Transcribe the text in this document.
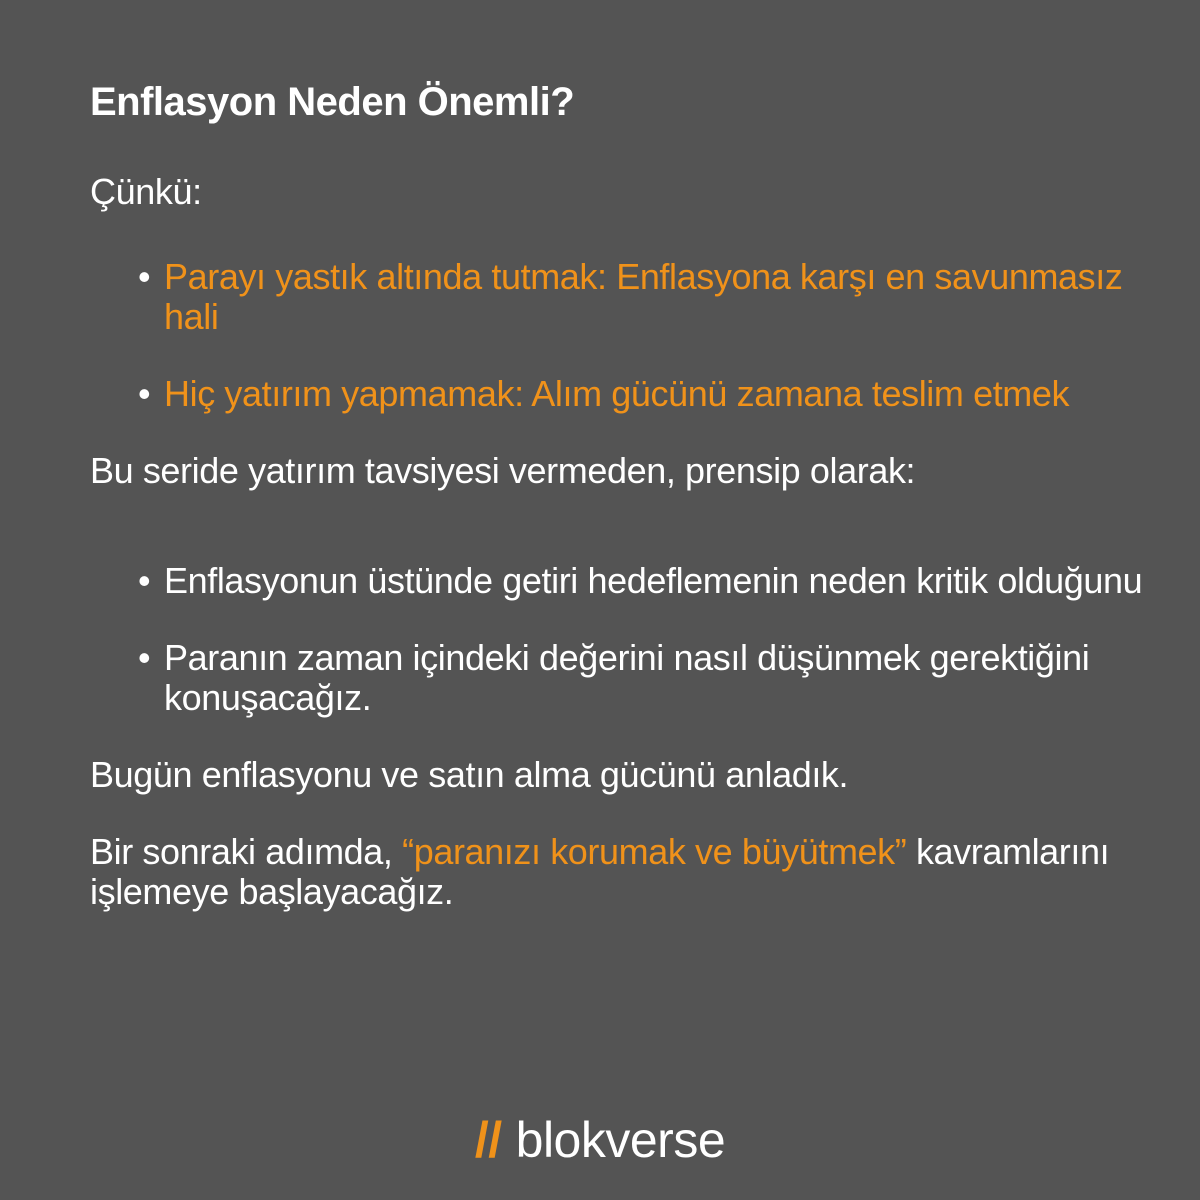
Enflasyon Neden Önemli?

Çünkü:

• Parayı yastık altında tutmak: Enflasyona karşı en savunmasız hali
• Hiç yatırım yapmamak: Alım gücünü zamana teslim etmek

Bu seride yatırım tavsiyesi vermeden, prensip olarak:

• Enflasyonun üstünde getiri hedeflemenin neden kritik olduğunu
• Paranın zaman içindeki değerini nasıl düşünmek gerektiğini konuşacağız.

Bugün enflasyonu ve satın alma gücünü anladık.

Bir sonraki adımda, “paranızı korumak ve büyütmek” kavramlarını işlemeye başlayacağız.

// blokverse
